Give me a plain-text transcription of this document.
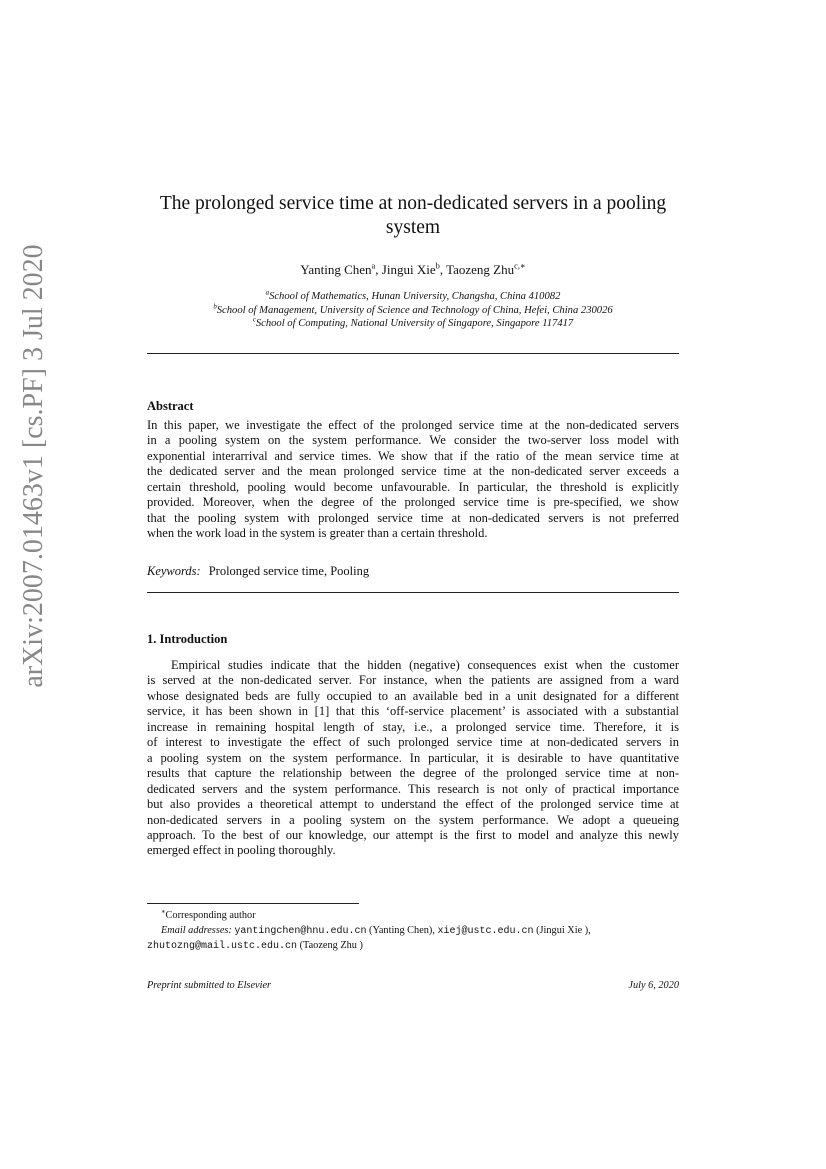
arXiv:2007.01463v1 [cs.PF] 3 Jul 2020
The prolonged service time at non-dedicated servers in a pooling
system
Yanting Chen$^a$, Jingui Xie$^b$, Taozeng Zhu$^{c,∗}$
$^a$School of Mathematics, Hunan University, Changsha, China 410082
$^b$School of Management, University of Science and Technology of China, Hefei, China 230026
$^c$School of Computing, National University of Singapore, Singapore 117417
Abstract
In this paper, we investigate the effect of the prolonged service time at the non-dedicated servers
in a pooling system on the system performance. We consider the two-server loss model with
exponential interarrival and service times. We show that if the ratio of the mean service time at
the dedicated server and the mean prolonged service time at the non-dedicated server exceeds a
certain threshold, pooling would become unfavourable. In particular, the threshold is explicitly
provided. Moreover, when the degree of the prolonged service time is pre-specified, we show
that the pooling system with prolonged service time at non-dedicated servers is not preferred
when the work load in the system is greater than a certain threshold.
Keywords: Prolonged service time, Pooling
1. Introduction
Empirical studies indicate that the hidden (negative) consequences exist when the customer
is served at the non-dedicated server. For instance, when the patients are assigned from a ward
whose designated beds are fully occupied to an available bed in a unit designated for a different
service, it has been shown in [1] that this ‘off-service placement’ is associated with a substantial
increase in remaining hospital length of stay, i.e., a prolonged service time. Therefore, it is
of interest to investigate the effect of such prolonged service time at non-dedicated servers in
a pooling system on the system performance. In particular, it is desirable to have quantitative
results that capture the relationship between the degree of the prolonged service time at non-
dedicated servers and the system performance. This research is not only of practical importance
but also provides a theoretical attempt to understand the effect of the prolonged service time at
non-dedicated servers in a pooling system on the system performance. We adopt a queueing
approach. To the best of our knowledge, our attempt is the first to model and analyze this newly
emerged effect in pooling thoroughly.
∗Corresponding author
Email addresses: yantingchen@hnu.edu.cn (Yanting Chen), xiej@ustc.edu.cn (Jingui Xie ),
zhutozng@mail.ustc.edu.cn (Taozeng Zhu )
Preprint submitted to Elsevier	July 6, 2020
